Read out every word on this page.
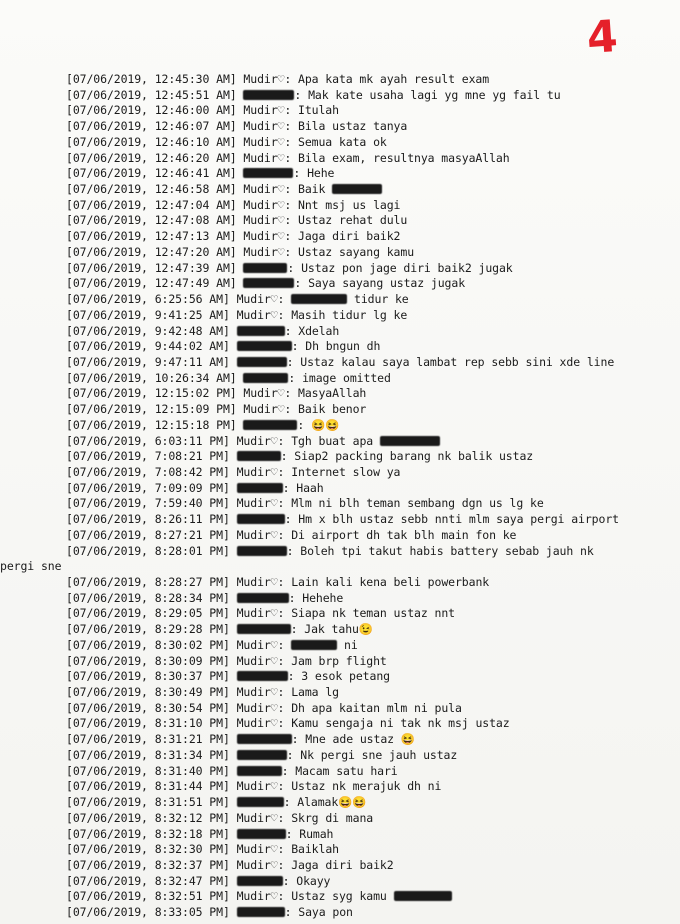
4
[07/06/2019, 12:45:30 AM] Mudir♡: Apa kata mk ayah result exam
[07/06/2019, 12:45:51 AM]	: Mak kate usaha lagi yg mne yg fail tu
[07/06/2019, 12:46:00 AM] Mudir♡: Itulah
[07/06/2019, 12:46:07 AM] Mudir♡: Bila ustaz tanya
[07/06/2019, 12:46:10 AM] Mudir♡: Semua kata ok
[07/06/2019, 12:46:20 AM] Mudir♡: Bila exam, resultnya masyaAllah
[07/06/2019, 12:46:41 AM]	: Hehe
[07/06/2019, 12:46:58 AM] Mudir♡: Baik
[07/06/2019, 12:47:04 AM] Mudir♡: Nnt msj us lagi
[07/06/2019, 12:47:08 AM] Mudir♡: Ustaz rehat dulu
[07/06/2019, 12:47:13 AM] Mudir♡: Jaga diri baik2
[07/06/2019, 12:47:20 AM] Mudir♡: Ustaz sayang kamu
[07/06/2019, 12:47:39 AM]	: Ustaz pon jage diri baik2 jugak
[07/06/2019, 12:47:49 AM]	: Saya sayang ustaz jugak
[07/06/2019, 6:25:56 AM] Mudir♡:	tidur ke
[07/06/2019, 9:41:25 AM] Mudir♡: Masih tidur lg ke
[07/06/2019, 9:42:48 AM]	: Xdelah
[07/06/2019, 9:44:02 AM]	: Dh bngun dh
[07/06/2019, 9:47:11 AM]	: Ustaz kalau saya lambat rep sebb sini xde line
[07/06/2019, 10:26:34 AM]	: image omitted
[07/06/2019, 12:15:02 PM] Mudir♡: MasyaAllah
[07/06/2019, 12:15:09 PM] Mudir♡: Baik benor
[07/06/2019, 12:15:18 PM]	: 😆😆
[07/06/2019, 6:03:11 PM] Mudir♡: Tgh buat apa
[07/06/2019, 7:08:21 PM]	: Siap2 packing barang nk balik ustaz
[07/06/2019, 7:08:42 PM] Mudir♡: Internet slow ya
[07/06/2019, 7:09:09 PM]	: Haah
[07/06/2019, 7:59:40 PM] Mudir♡: Mlm ni blh teman sembang dgn us lg ke
[07/06/2019, 8:26:11 PM]	: Hm x blh ustaz sebb nnti mlm saya pergi airport
[07/06/2019, 8:27:21 PM] Mudir♡: Di airport dh tak blh main fon ke
[07/06/2019, 8:28:01 PM]	: Boleh tpi takut habis battery sebab jauh nk
pergi sne
[07/06/2019, 8:28:27 PM] Mudir♡: Lain kali kena beli powerbank
[07/06/2019, 8:28:34 PM]	: Hehehe
[07/06/2019, 8:29:05 PM] Mudir♡: Siapa nk teman ustaz nnt
[07/06/2019, 8:29:28 PM]	: Jak tahu😉
[07/06/2019, 8:30:02 PM] Mudir♡:	ni
[07/06/2019, 8:30:09 PM] Mudir♡: Jam brp flight
[07/06/2019, 8:30:37 PM]	: 3 esok petang
[07/06/2019, 8:30:49 PM] Mudir♡: Lama lg
[07/06/2019, 8:30:54 PM] Mudir♡: Dh apa kaitan mlm ni pula
[07/06/2019, 8:31:10 PM] Mudir♡: Kamu sengaja ni tak nk msj ustaz
[07/06/2019, 8:31:21 PM]	: Mne ade ustaz 😆
[07/06/2019, 8:31:34 PM]	: Nk pergi sne jauh ustaz
[07/06/2019, 8:31:40 PM]	: Macam satu hari
[07/06/2019, 8:31:44 PM] Mudir♡: Ustaz nk merajuk dh ni
[07/06/2019, 8:31:51 PM]	: Alamak😆😆
[07/06/2019, 8:32:12 PM] Mudir♡: Skrg di mana
[07/06/2019, 8:32:18 PM]	: Rumah
[07/06/2019, 8:32:30 PM] Mudir♡: Baiklah
[07/06/2019, 8:32:37 PM] Mudir♡: Jaga diri baik2
[07/06/2019, 8:32:47 PM]	: Okayy
[07/06/2019, 8:32:51 PM] Mudir♡: Ustaz syg kamu
[07/06/2019, 8:33:05 PM]	: Saya pon
